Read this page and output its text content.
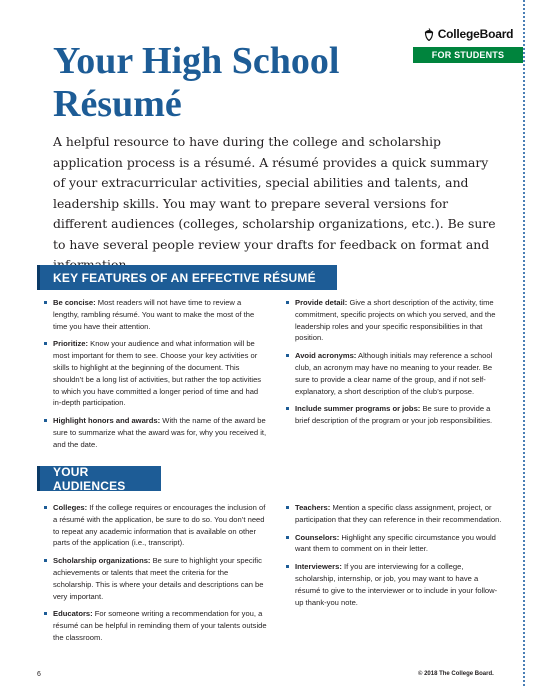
CollegeBoard
FOR STUDENTS
Your High School
Résumé

A helpful resource to have during the college and scholarship application process is a résumé. A résumé provides a quick summary of your extracurricular activities, special abilities and talents, and leadership skills. You may want to prepare several versions for different audiences (colleges, scholarship organizations, etc.). Be sure to have several people review your drafts for feedback on format and

KEY FEATURES OF AN EFFECTIVE RÉSUMÉ
Be concise: Most readers will not have time to review a lengthy, rambling résumé. You want to make the most of the time you have their attention.
Prioritize: Know your audience and what information will be most important for them to see. Choose your key activities or skills to highlight at the beginning of the document. This shouldn’t be a long list of activities, but rather the top activities to which you have committed a longer period of time and had in-depth participation.
Highlight honors and awards: With the name of the award be sure to summarize what the award was for, why you received it, and the date.
Provide detail: Give a short description of the activity, time commitment, specific projects on which you served, and the leadership roles and your specific responsibilities in that position.
Avoid acronyms: Although initials may reference a school club, an acronym may have no meaning to your reader. Be sure to provide a clear name of the group, and if not self-explanatory, a short description of the club’s purpose.
Include summer programs or jobs: Be sure to provide a brief description of the program or your job responsibilities.
YOUR AUDIENCES
Colleges: If the college requires or encourages the inclusion of a résumé with the application, be sure to do so. You don’t need to repeat any academic information that is available on other parts of the application (i.e., transcript).
Scholarship organizations: Be sure to highlight your specific achievements or talents that meet the criteria for the scholarship. This is where your details and descriptions can be very important.
Educators: For someone writing a recommendation for you, a résumé can be helpful in reminding them of your talents outside the classroom.
Teachers: Mention a specific class assignment, project, or participation that they can reference in their recommendation.
Counselors: Highlight any specific circumstance you would want them to comment on in their letter.
Interviewers: If you are interviewing for a college, scholarship, internship, or job, you may want to have a résumé to give to the interviewer or to include in your follow-up thank-you note.
6	© 2018 The College Board.
